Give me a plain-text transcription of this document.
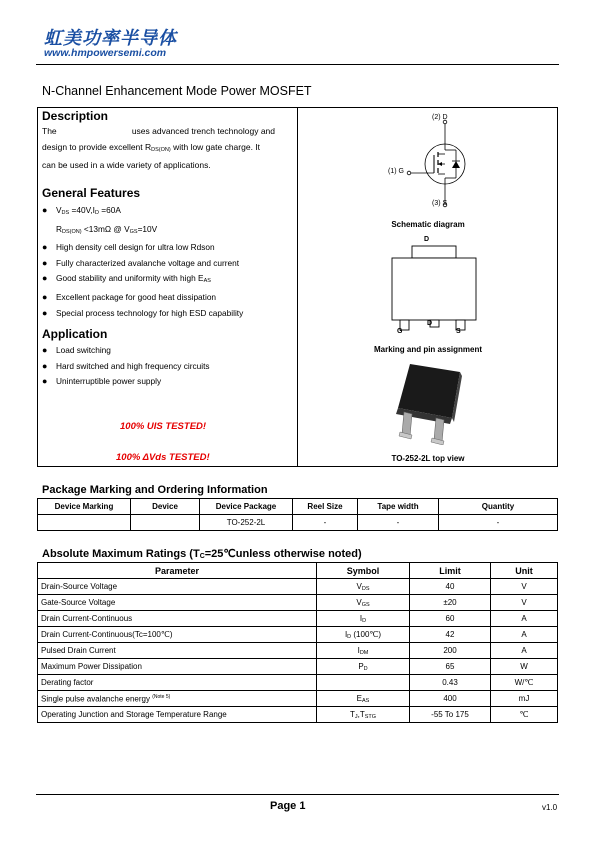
虹美功率半导体
www.hmpowersemi.com
N-Channel Enhancement Mode Power MOSFET
Description
The	uses advanced trench technology and
design to provide excellent $R_{DS(ON)}$ with low gate charge. It
can be used in a wide variety of applications.
General Features
● $V_{DS} =40V,I_D =60A$
$R_{DS(ON)} <13m\Omega$ @ $V_{GS}=10V$
● High density cell design for ultra low Rdson
● Fully characterized avalanche voltage and current
● Good stability and uniformity with high $E_{AS}$
● Excellent package for good heat dissipation
● Special process technology for high ESD capability
Application
● Load switching
● Hard switched and high frequency circuits
● Uninterruptible power supply
100% UIS TESTED!
100% ΔVds TESTED!
(2) D
(1) G
(3) S
Schematic diagram
D
G
D
S
Marking and pin assignment
TO-252-2L top view
Package Marking and Ordering Information
Device Marking	Device	Device Package	Reel Size	Tape width	Quantity
		TO-252-2L	-	-	-
Absolute Maximum Ratings ($T_C=25℃unless$ otherwise noted)
Parameter	Symbol	Limit	Unit
Drain-Source Voltage	$V_{DS}$	40	V
Gate-Source Voltage	$V_{GS}$	±20	V
Drain Current-Continuous	$I_D$	60	A
Drain Current-Continuous(Tc=100℃)	$I_D$ (100℃)	42	A
Pulsed Drain Current	$I_{DM}$	200	A
Maximum Power Dissipation	$P_D$	65	W
Derating factor		0.43	W/℃
Single pulse avalanche energy $^{(Note 5)}$	$E_{AS}$	400	mJ
Operating Junction and Storage Temperature Range	$T_J,T_{STG}$	-55 To 175	℃
Page 1	v1.0
